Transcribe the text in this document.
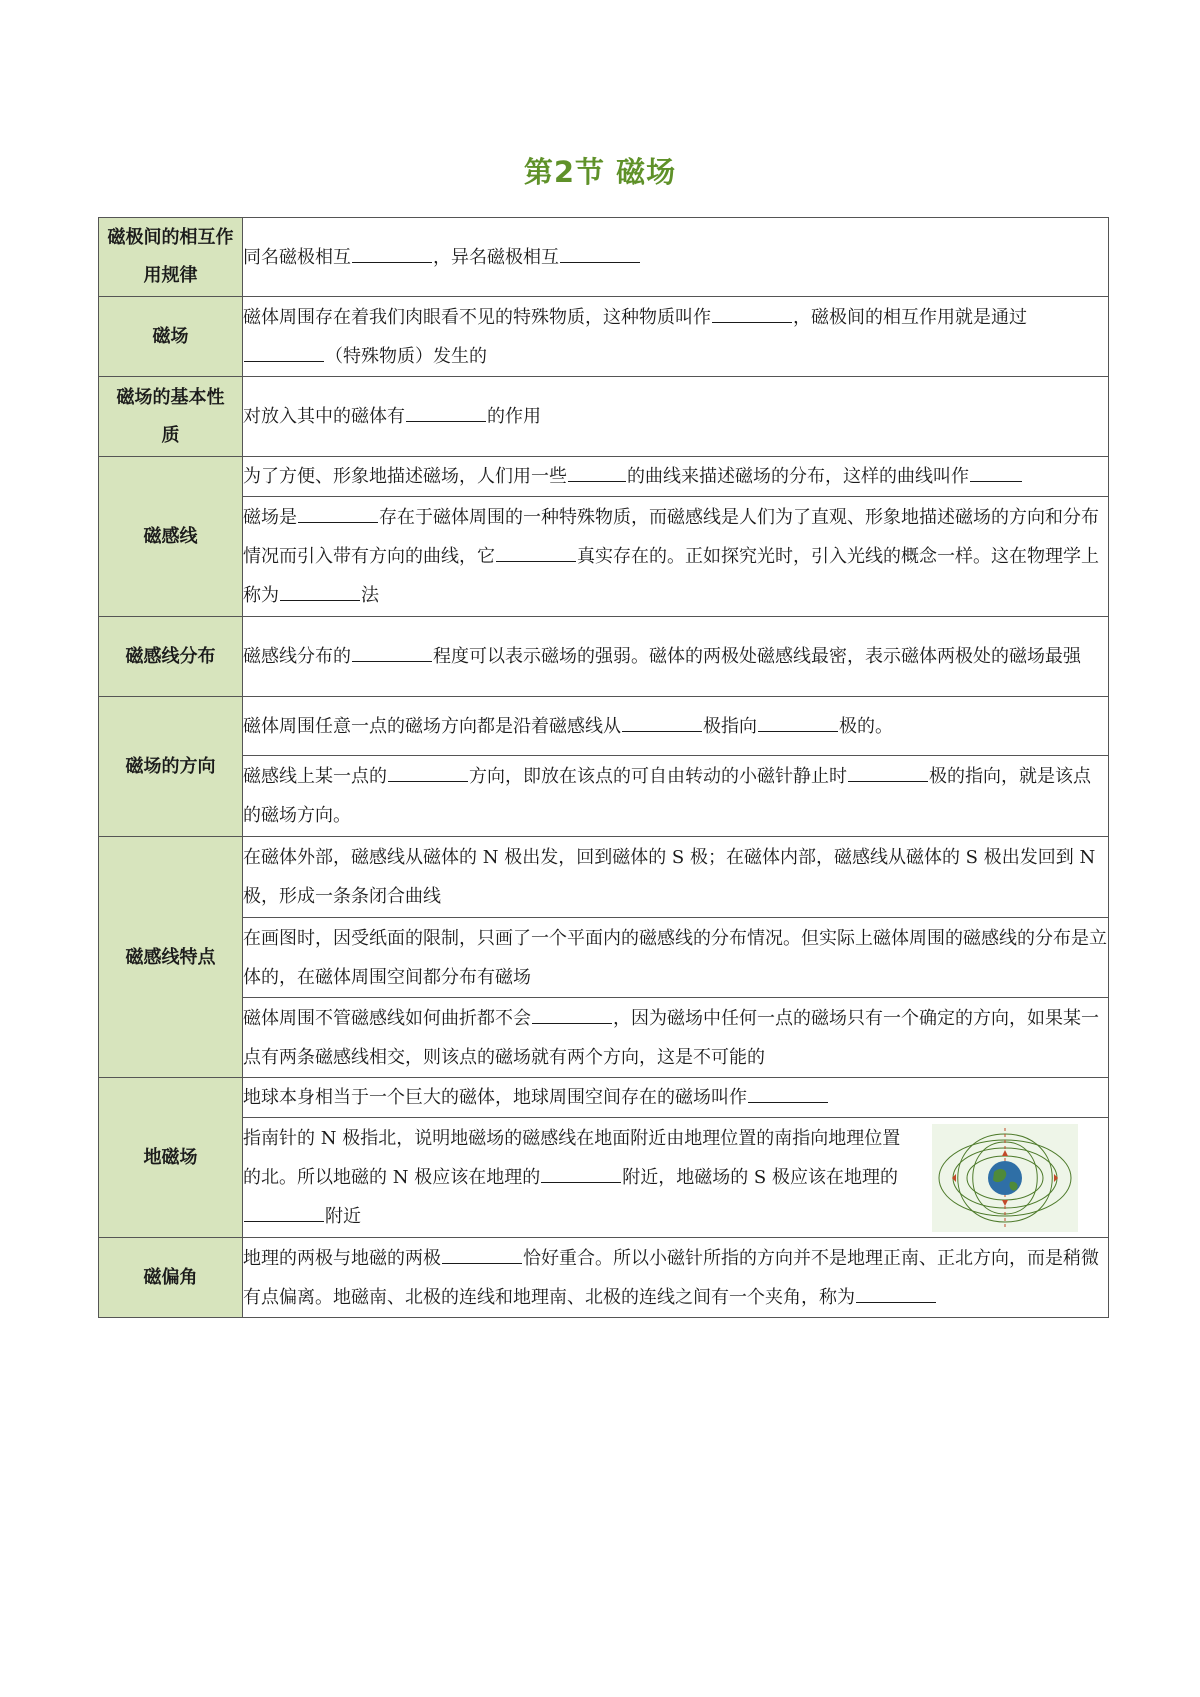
第2节 磁场
磁极间的相互作用规律	同名磁极相互 ，异名磁极相互
磁场	磁体周围存在着我们肉眼看不见的特殊物质，这种物质叫作 ，磁极间的相互作用就是通过（特殊物质）发生的
磁场的基本性质	对放入其中的磁体有 的作用
磁感线	为了方便、形象地描述磁场，人们用一些 的曲线来描述磁场的分布，这样的曲线叫作
	磁场是 存在于磁体周围的一种特殊物质，而磁感线是人们为了直观、形象地描述磁场的方向和分布情况而引入带有方向的曲线，它 真实存在的。正如探究光时，引入光线的概念一样。这在物理学上称为 法
磁感线分布	磁感线分布的 程度可以表示磁场的强弱。磁体的两极处磁感线最密，表示磁体两极处的磁场最强
磁场的方向	磁体周围任意一点的磁场方向都是沿着磁感线从 极指向 极的。
	磁感线上某一点的 方向，即放在该点的可自由转动的小磁针静止时 极的指向，就是该点的磁场方向。
磁感线特点	在磁体外部，磁感线从磁体的 N 极出发，回到磁体的 S 极；在磁体内部，磁感线从磁体的 S 极出发回到 N 极，形成一条条闭合曲线
	在画图时，因受纸面的限制，只画了一个平面内的磁感线的分布情况。但实际上磁体周围的磁感线的分布是立体的，在磁体周围空间都分布有磁场
	磁体周围不管磁感线如何曲折都不会 ，因为磁场中任何一点的磁场只有一个确定的方向，如果某一点有两条磁感线相交，则该点的磁场就有两个方向，这是不可能的
地磁场	地球本身相当于一个巨大的磁体，地球周围空间存在的磁场叫作

	指南针的 N 极指北，说明地磁场的磁感线在地面附近由地理位置的南指向地理位置的北。所以地磁的 N 极应该在地理的 附近，地磁场的 S 极应该在地理的附近

磁偏角	地理的两极与地磁的两极 恰好重合。所以小磁针所指的方向并不是地理正南、正北方向，而是稍微有点偏离。地磁南、北极的连线和地理南、北极的连线之间有一个夹角，称为
